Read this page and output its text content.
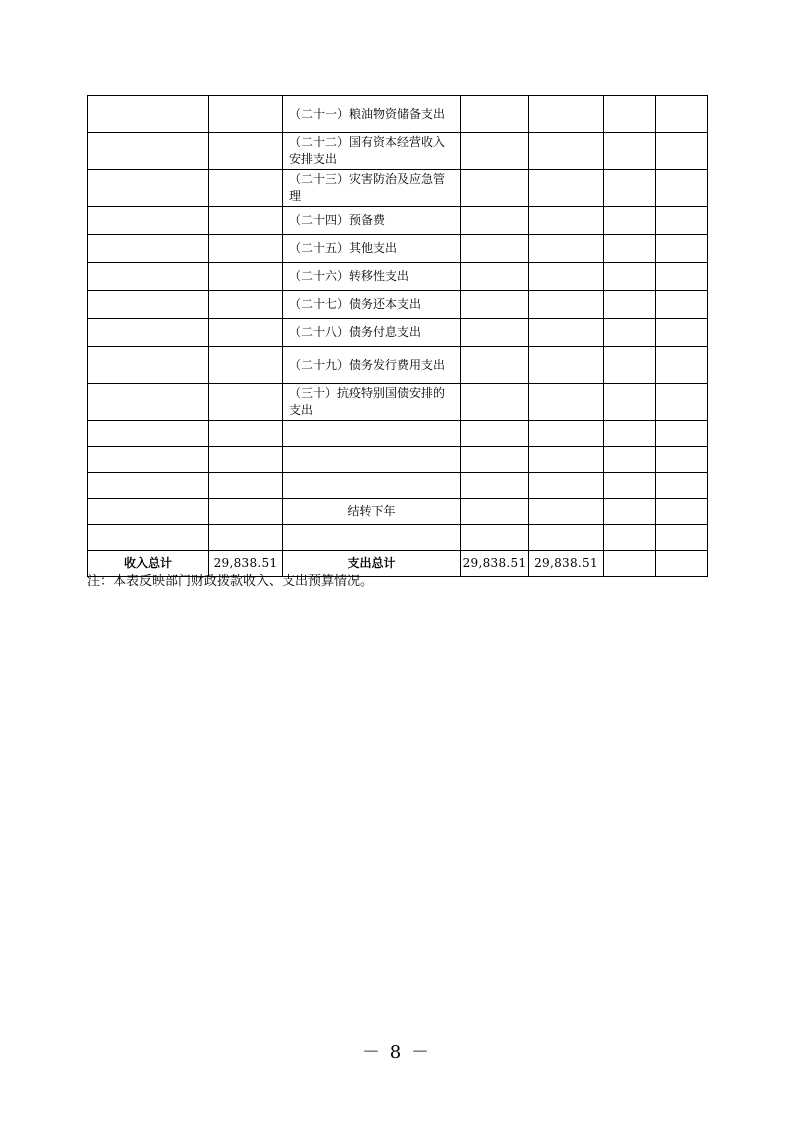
		（二十一）粮油物资储备支出				
		（二十二）国有资本经营收入安排支出				
		（二十三）灾害防治及应急管理				
		（二十四）预备费				
		（二十五）其他支出				
		（二十六）转移性支出				
		（二十七）债务还本支出				
		（二十八）债务付息支出				
		（二十九）债务发行费用支出				
		（三十）抗疫特别国债安排的支出				

		结转下年				

收入总计	29,838.51	支出总计	29,838.51	29,838.51		
注：本表反映部门财政拨款收入、支出预算情况。
－ 8 －
